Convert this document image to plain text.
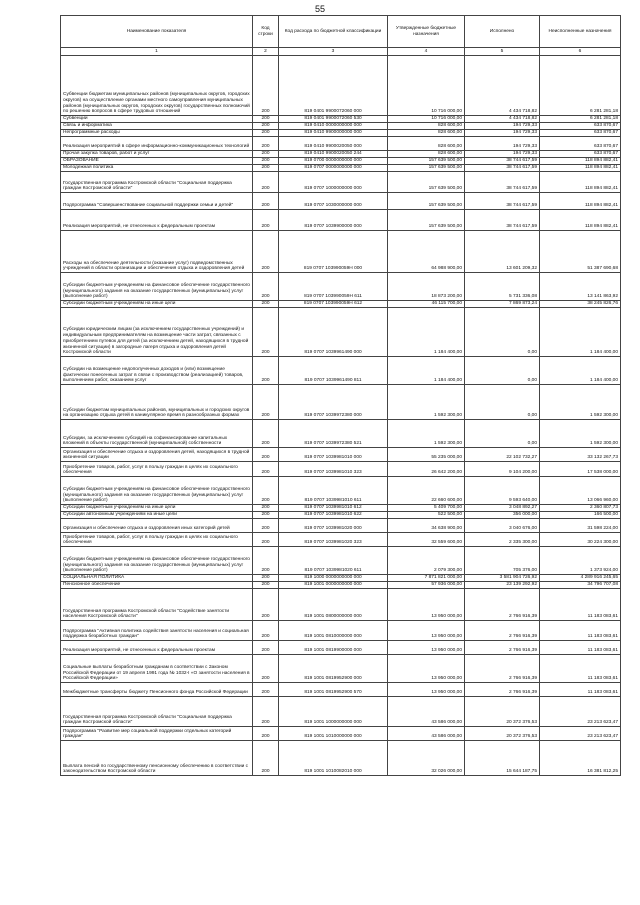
55
Наименование показателя	Код строки	Код расхода по бюджетной классификации	Утвержденные бюджетные назначения	Исполнено	Неисполненные назначения
1	2	3	4	5	6
Субвенции бюджетам муниципальных районов (муниципальных округов, городских округов) на осуществление органами местного самоуправления муниципальных районов (муниципальных округов, городских округов) государственных полномочий по решению вопросов в сфере трудовых отношений	200	819 0401 9900072060 000	10 716 000,00	4 434 718,82	6 281 281,18
Субвенции	200	819 0401 9900072060 530	10 716 000,00	4 434 718,82	6 281 281,18
Связь и информатика	200	819 0410 0000000000 000	828 600,00	194 729,33	633 870,67
Непрограммные расходы	200	819 0410 9900000000 000	828 600,00	194 729,33	633 870,67
Реализация мероприятий в сфере информационно-коммуникационных технологий	200	819 0410 9900020050 000	828 600,00	194 729,33	633 870,67
Прочая закупка товаров, работ и услуг	200	819 0410 9900020050 244	828 600,00	194 729,33	633 870,67
ОБРАЗОВАНИЕ	200	819 0700 0000000000 000	157 639 500,00	38 744 617,59	118 894 882,41
Молодежная политика	200	819 0707 0000000000 000	157 639 500,00	38 744 617,59	118 894 882,41
Государственная программа Костромской области "Социальная поддержка граждан Костромской области"	200	819 0707 1000000000 000	157 639 500,00	38 744 617,59	118 894 882,41
Подпрограмма "Совершенствование социальной поддержки семьи и детей"	200	819 0707 1030000000 000	157 639 500,00	38 744 617,59	118 894 882,41
Реализация мероприятий, не отнесенных к федеральным проектам	200	819 0707 1039900000 000	157 639 500,00	38 744 617,59	118 894 882,41
Расходы на обеспечение деятельности (оказание услуг) подведомственных учреждений в области организации и обеспечения отдыха и оздоровления детей	200	819 0707 103990059Н 000	64 988 900,00	13 601 209,32	51 387 690,68
Субсидии бюджетным учреждениям на финансовое обеспечение государственного (муниципального) задания на оказание государственных (муниципальных) услуг (выполнение работ)	200	819 0707 103990059Н 611	18 873 200,00	5 731 336,08	13 141 863,92
Субсидии бюджетным учреждениям на иные цели	200	819 0707 103990059Н 612	46 115 700,00	7 869 873,24	38 245 826,76
Субсидии юридическим лицам (за исключением государственных учреждений) и индивидуальным предпринимателям на возмещение части затрат, связанных с приобретением путевок для детей (за исключением детей, находящихся в трудной жизненной ситуации) в загородные лагеря отдыха и оздоровления детей Костромской области	200	819 0707 1039961490 000	1 184 400,00	0,00	1 184 400,00
Субсидии на возмещение недополученных доходов и (или) возмещение фактически понесенных затрат в связи с производством (реализацией) товаров, выполнением работ, оказанием услуг	200	819 0707 1039961490 811	1 184 400,00	0,00	1 184 400,00
Субсидии бюджетам муниципальных районов, муниципальных и городских округов на организацию отдыха детей в каникулярное время в разнообразных формах	200	819 0707 1039972380 000	1 592 300,00	0,00	1 592 300,00
Субсидии, за исключением субсидий на софинансирование капитальных вложений в объекты государственной (муниципальной) собственности	200	819 0707 1039972380 521	1 592 300,00	0,00	1 592 300,00
Организация и обеспечение отдыха и оздоровления детей, находящихся в трудной жизненной ситуации	200	819 0707 1039981010 000	55 235 000,00	22 102 732,27	33 132 267,73
Приобретение товаров, работ, услуг в пользу граждан в целях их социального обеспечения	200	819 0707 1039981010 323	26 642 200,00	9 104 200,00	17 538 000,00
Субсидии бюджетным учреждениям на финансовое обеспечение государственного (муниципального) задания на оказание государственных (муниципальных) услуг (выполнение работ)	200	819 0707 1039981010 611	22 660 600,00	9 593 640,00	13 066 960,00
Субсидии бюджетным учреждениям на иные цели	200	819 0707 1039981010 612	5 409 700,00	3 048 892,27	2 360 807,73
Субсидии автономным учреждениям на иные цели	200	819 0707 1039981010 622	522 500,00	356 000,00	166 500,00
Организация и обеспечение отдыха и оздоровления иных категорий детей	200	819 0707 1039981020 000	34 638 900,00	3 040 676,00	31 598 224,00
Приобретение товаров, работ, услуг в пользу граждан в целях их социального обеспечения	200	819 0707 1039981020 323	32 559 600,00	2 335 300,00	30 224 300,00
Субсидии бюджетным учреждениям на финансовое обеспечение государственного (муниципального) задания на оказание государственных (муниципальных) услуг (выполнение работ)	200	819 0707 1039981020 611	2 079 300,00	705 376,00	1 373 924,00
СОЦИАЛЬНАЯ ПОЛИТИКА	200	819 1000 0000000000 000	7 871 821 000,00	3 581 904 726,92	4 289 916 245,65
Пенсионное обеспечение	200	819 1001 0000000000 000	57 936 000,00	23 139 292,92	34 796 707,08
Государственная программа Костромской области "Содействие занятости населения Костромской области"	200	819 1001 0800000000 000	13 950 000,00	2 766 916,39	11 183 083,61
Подпрограмма "Активная политика содействия занятости населения и социальная поддержка безработных граждан"	200	819 1001 0810000000 000	13 950 000,00	2 766 916,39	11 183 083,61
Реализация мероприятий, не отнесенных к федеральным проектам	200	819 1001 0819900000 000	13 950 000,00	2 766 916,39	11 183 083,61
Социальные выплаты безработным гражданам в соответствии с Законом Российской Федерации от 19 апреля 1991 года № 1032-I «О занятости населения в Российской Федерации»	200	819 1001 0819952900 000	13 950 000,00	2 766 916,39	11 183 083,61
Межбюджетные трансферты бюджету Пенсионного фонда Российской Федерации	200	819 1001 0819952900 570	13 950 000,00	2 766 916,39	11 183 083,61
Государственная программа Костромской области "Социальная поддержка граждан Костромской области"	200	819 1001 1000000000 000	43 586 000,00	20 372 376,53	23 213 623,47
Подпрограмма "Развитие мер социальной поддержки отдельных категорий граждан"	200	819 1001 1010000000 000	43 586 000,00	20 372 376,53	23 213 623,47
Выплата пенсий по государственному пенсионному обеспечению в соответствии с законодательством Костромской области	200	819 1001 1010082010 000	32 026 000,00	15 644 187,75	16 381 812,25
